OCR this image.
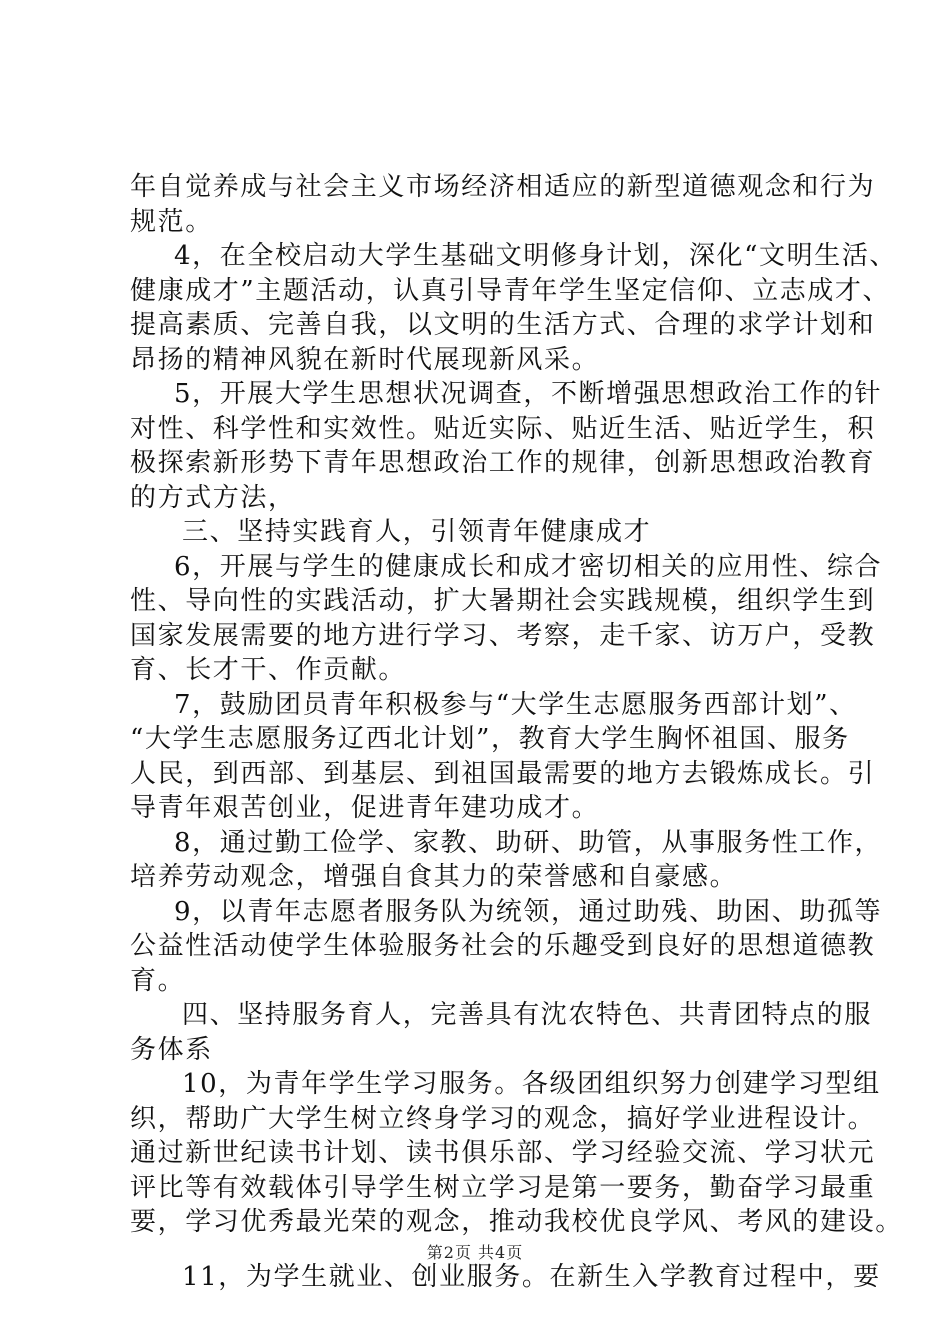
年自觉养成与社会主义市场经济相适应的新型道德观念和行为
规范。
4，在全校启动大学生基础文明修身计划，深化“文明生活、
健康成才”主题活动，认真引导青年学生坚定信仰、立志成才、
提高素质、完善自我，以文明的生活方式、合理的求学计划和
昂扬的精神风貌在新时代展现新风采。
5，开展大学生思想状况调查，不断增强思想政治工作的针
对性、科学性和实效性。贴近实际、贴近生活、贴近学生，积
极探索新形势下青年思想政治工作的规律，创新思想政治教育
的方式方法，
三、坚持实践育人，引领青年健康成才
6，开展与学生的健康成长和成才密切相关的应用性、综合
性、导向性的实践活动，扩大暑期社会实践规模，组织学生到
国家发展需要的地方进行学习、考察，走千家、访万户，受教
育、长才干、作贡献。
7，鼓励团员青年积极参与“大学生志愿服务西部计划”、
“大学生志愿服务辽西北计划”，教育大学生胸怀祖国、服务
人民，到西部、到基层、到祖国最需要的地方去锻炼成长。引
导青年艰苦创业，促进青年建功成才。
8，通过勤工俭学、家教、助研、助管，从事服务性工作，
培养劳动观念，增强自食其力的荣誉感和自豪感。
9，以青年志愿者服务队为统领，通过助残、助困、助孤等
公益性活动使学生体验服务社会的乐趣受到良好的思想道德教
育。
四、坚持服务育人，完善具有沈农特色、共青团特点的服
务体系
10，为青年学生学习服务。各级团组织努力创建学习型组
织，帮助广大学生树立终身学习的观念，搞好学业进程设计。
通过新世纪读书计划、读书俱乐部、学习经验交流、学习状元
评比等有效载体引导学生树立学习是第一要务，勤奋学习最重
要，学习优秀最光荣的观念，推动我校优良学风、考风的建设。
11，为学生就业、创业服务。在新生入学教育过程中，要
第2页 共4页
